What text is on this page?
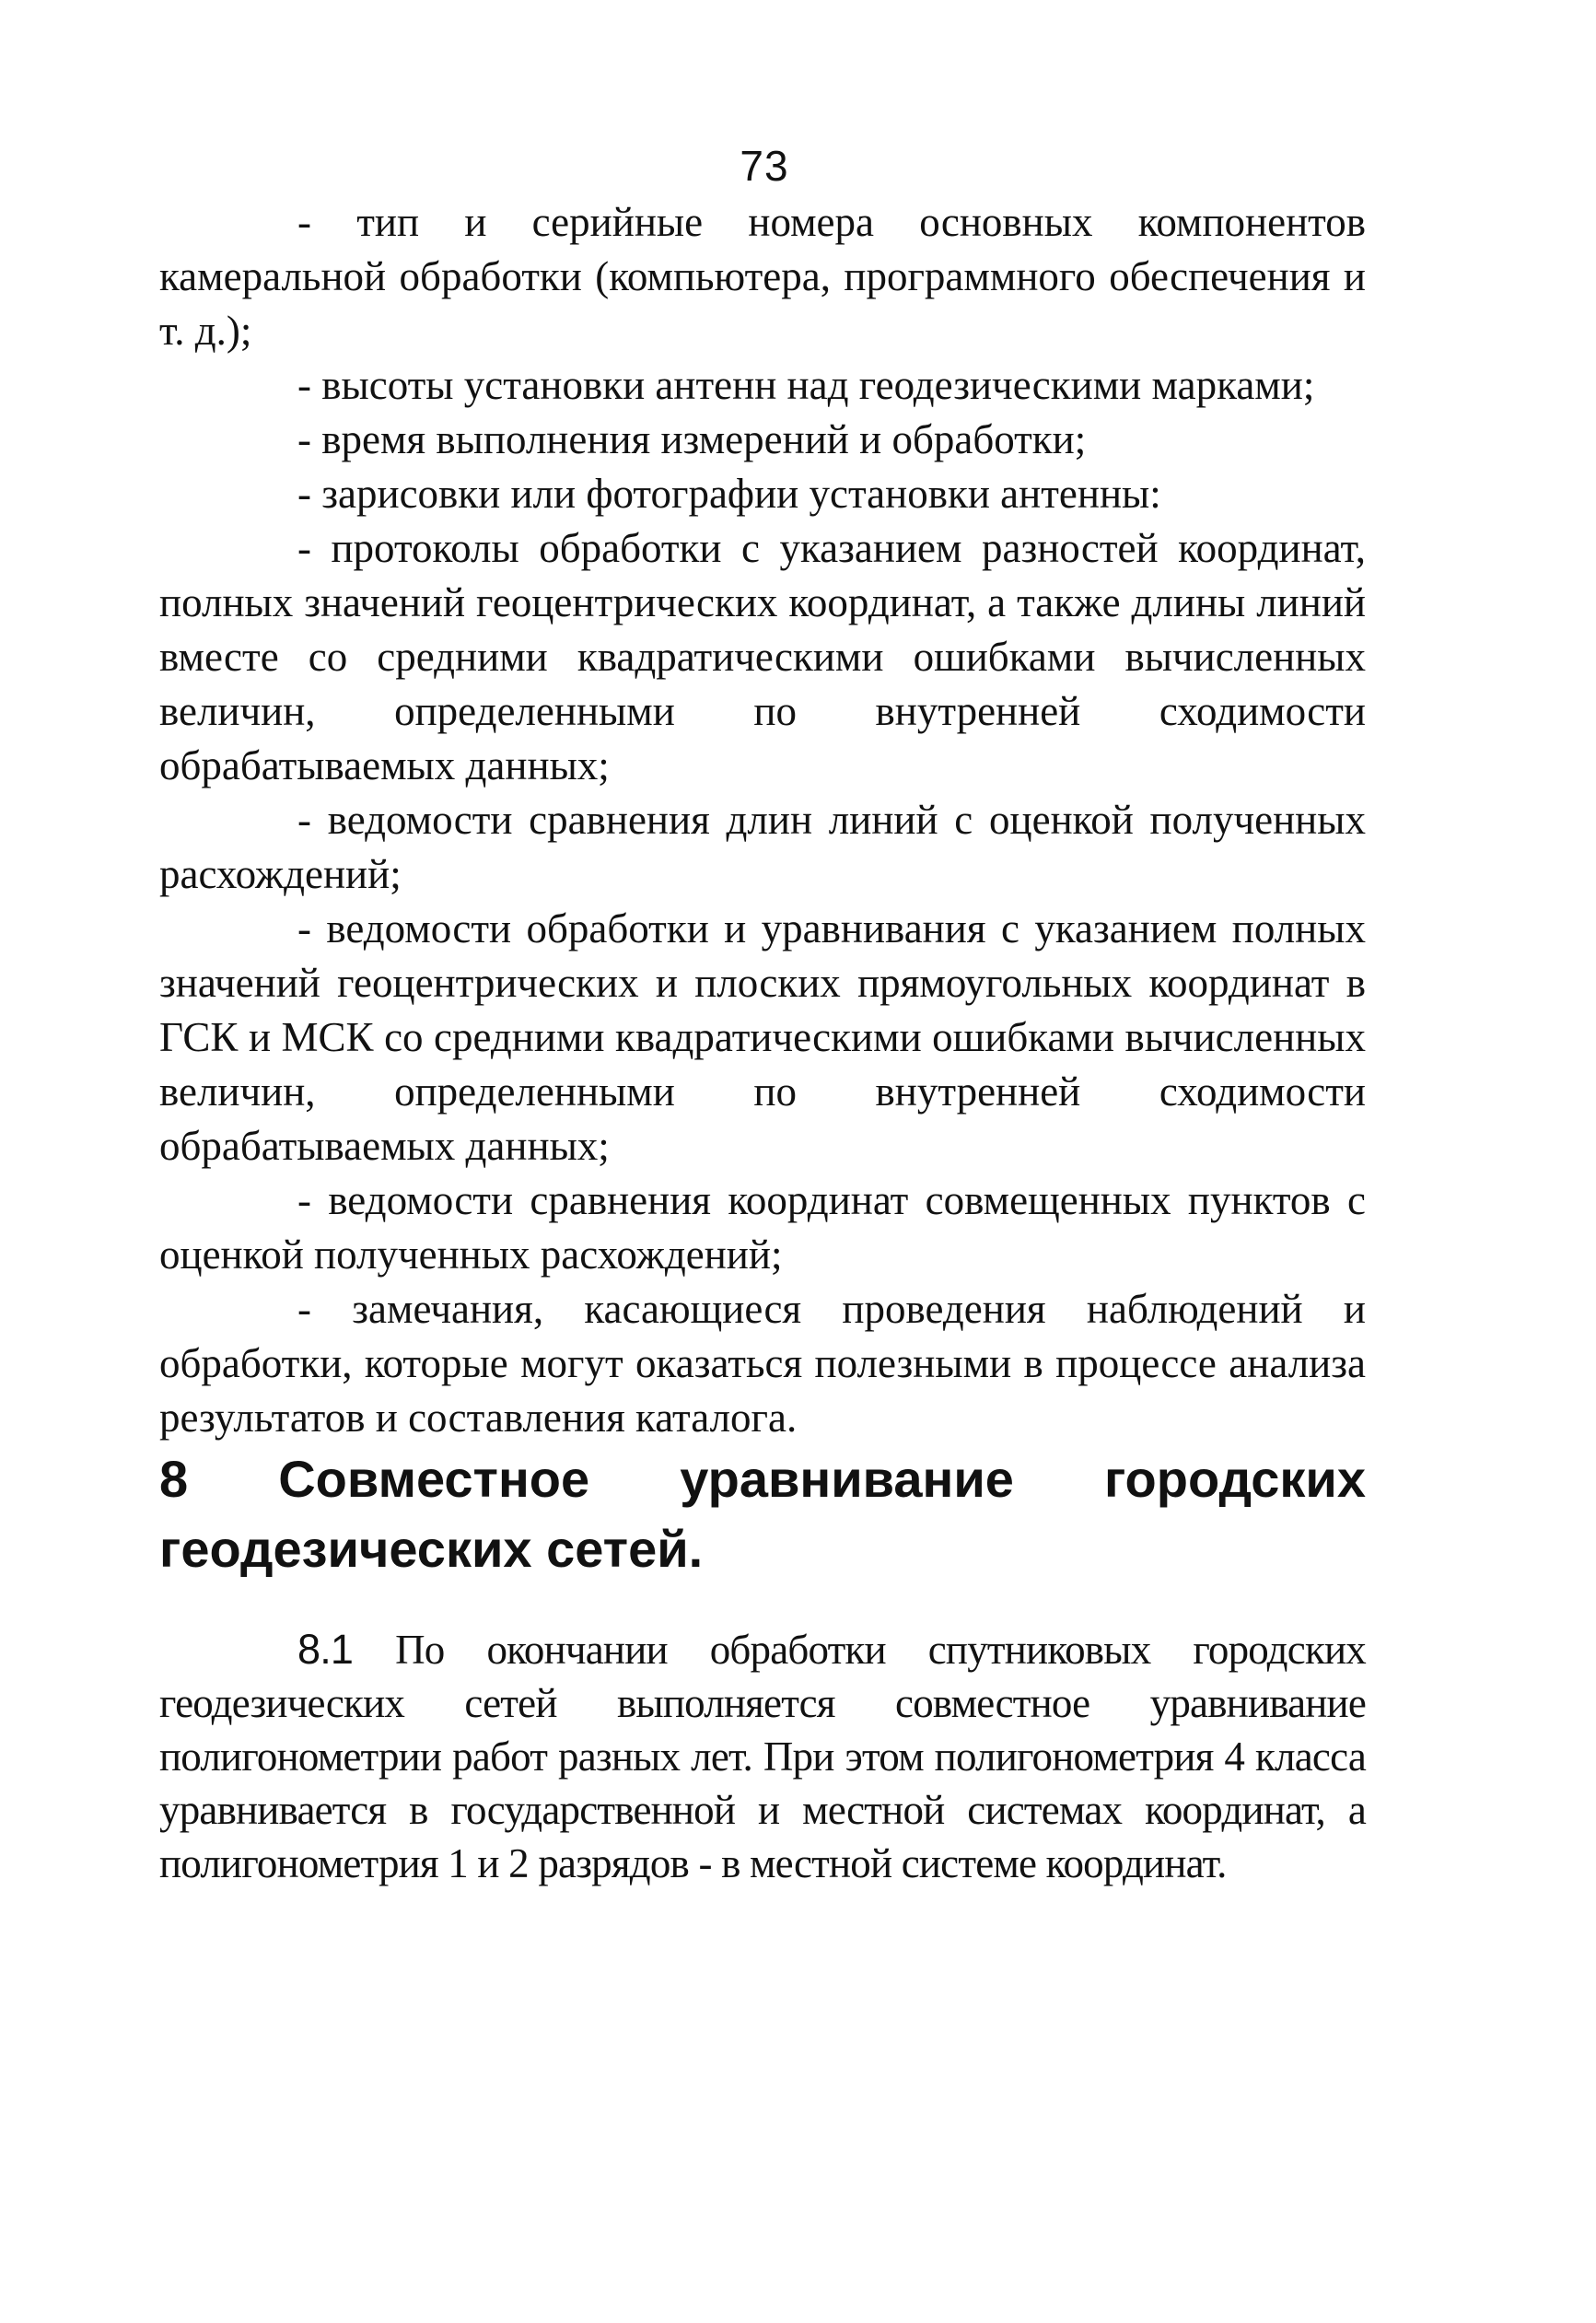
73

- тип и серийные номера основных компонентов камеральной обработки (компьютера, программного обеспечения и т. д.);

- высоты установки антенн над геодезическими марками;

- время выполнения измерений и обработки;

- зарисовки или фотографии установки антенны:

- протоколы обработки с указанием разностей координат, полных значений геоцентрических координат, а также длины линий вместе со средними квадратическими ошибками вычисленных величин, определенными по внутренней сходимости обрабатываемых данных;

- ведомости сравнения длин линий с оценкой полученных расхождений;

- ведомости обработки и уравнивания с указанием полных значений геоцентрических и плоских прямоугольных координат в ГСК и МСК со средними квадратическими ошибками вычисленных величин, определенными по внутренней сходимости обрабатываемых данных;

- ведомости сравнения координат совмещенных пунктов с оценкой полученных расхождений;

- замечания, касающиеся проведения наблюдений и обработки, которые могут оказаться полезными в процессе анализа результатов и составления каталога.

8 Совместное уравнивание городских
геодезических сетей.

8.1 По окончании обработки спутниковых городских геодезических сетей выполняется совместное уравнивание полигонометрии работ разных лет. При этом полигонометрия 4 класса уравнивается в государственной и местной системах координат, а полигонометрия 1 и 2 разрядов - в местной системе координат.
